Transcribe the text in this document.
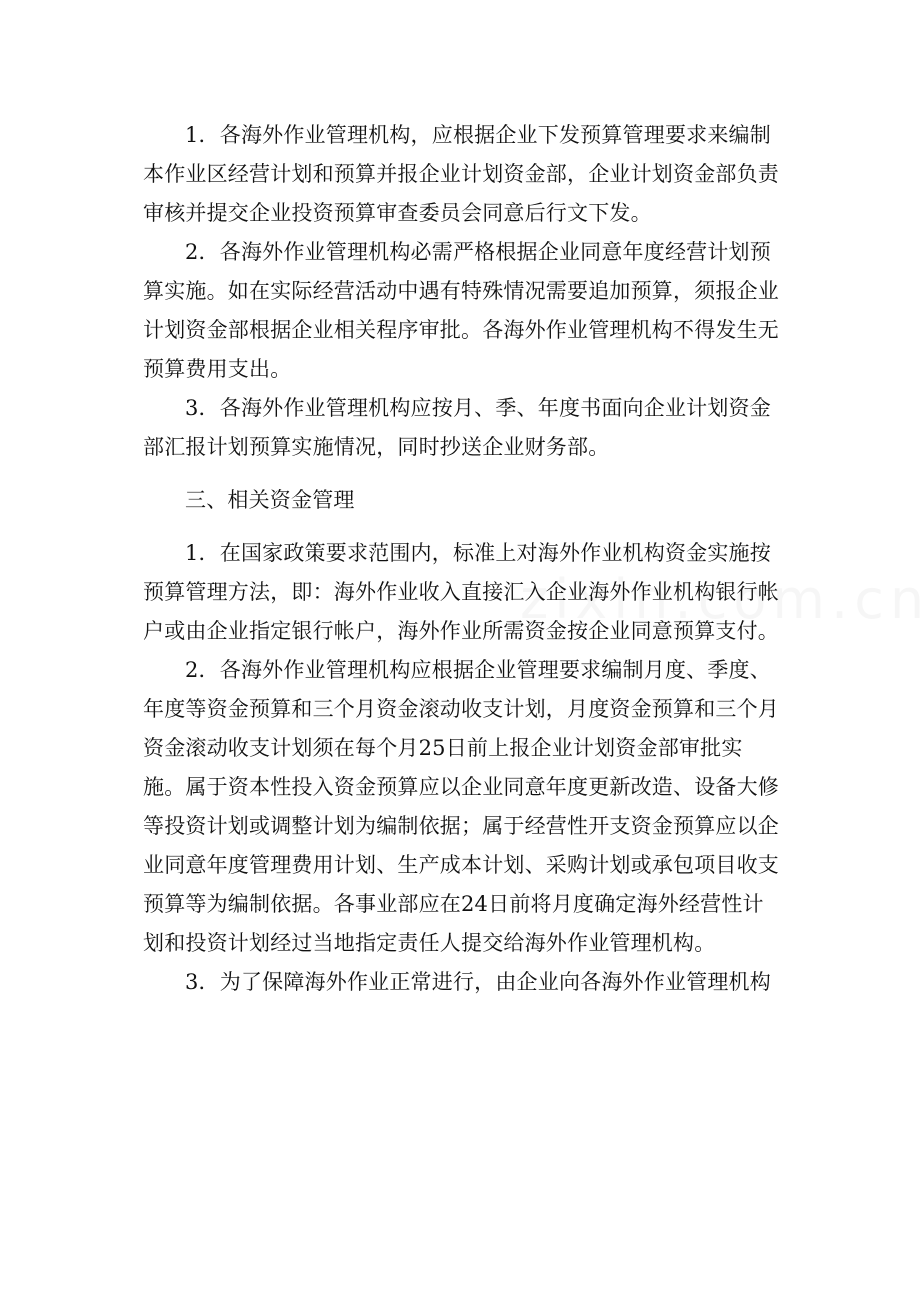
1．各海外作业管理机构，应根据企业下发预算管理要求来编制本作业区经营计划和预算并报企业计划资金部，企业计划资金部负责审核并提交企业投资预算审查委员会同意后行文下发。

2．各海外作业管理机构必需严格根据企业同意年度经营计划预算实施。如在实际经营活动中遇有特殊情况需要追加预算，须报企业计划资金部根据企业相关程序审批。各海外作业管理机构不得发生无预算费用支出。

3．各海外作业管理机构应按月、季、年度书面向企业计划资金部汇报计划预算实施情况，同时抄送企业财务部。

三、相关资金管理

1．在国家政策要求范围内，标准上对海外作业机构资金实施按预算管理方法，即：海外作业收入直接汇入企业海外作业机构银行帐户或由企业指定银行帐户，海外作业所需资金按企业同意预算支付。

2．各海外作业管理机构应根据企业管理要求编制月度、季度、年度等资金预算和三个月资金滚动收支计划，月度资金预算和三个月资金滚动收支计划须在每个月25日前上报企业计划资金部审批实施。属于资本性投入资金预算应以企业同意年度更新改造、设备大修等投资计划或调整计划为编制依据；属于经营性开支资金预算应以企业同意年度管理费用计划、生产成本计划、采购计划或承包项目收支预算等为编制依据。各事业部应在24日前将月度确定海外经营性计划和投资计划经过当地指定责任人提交给海外作业管理机构。

3．为了保障海外作业正常进行，由企业向各海外作业管理机构
